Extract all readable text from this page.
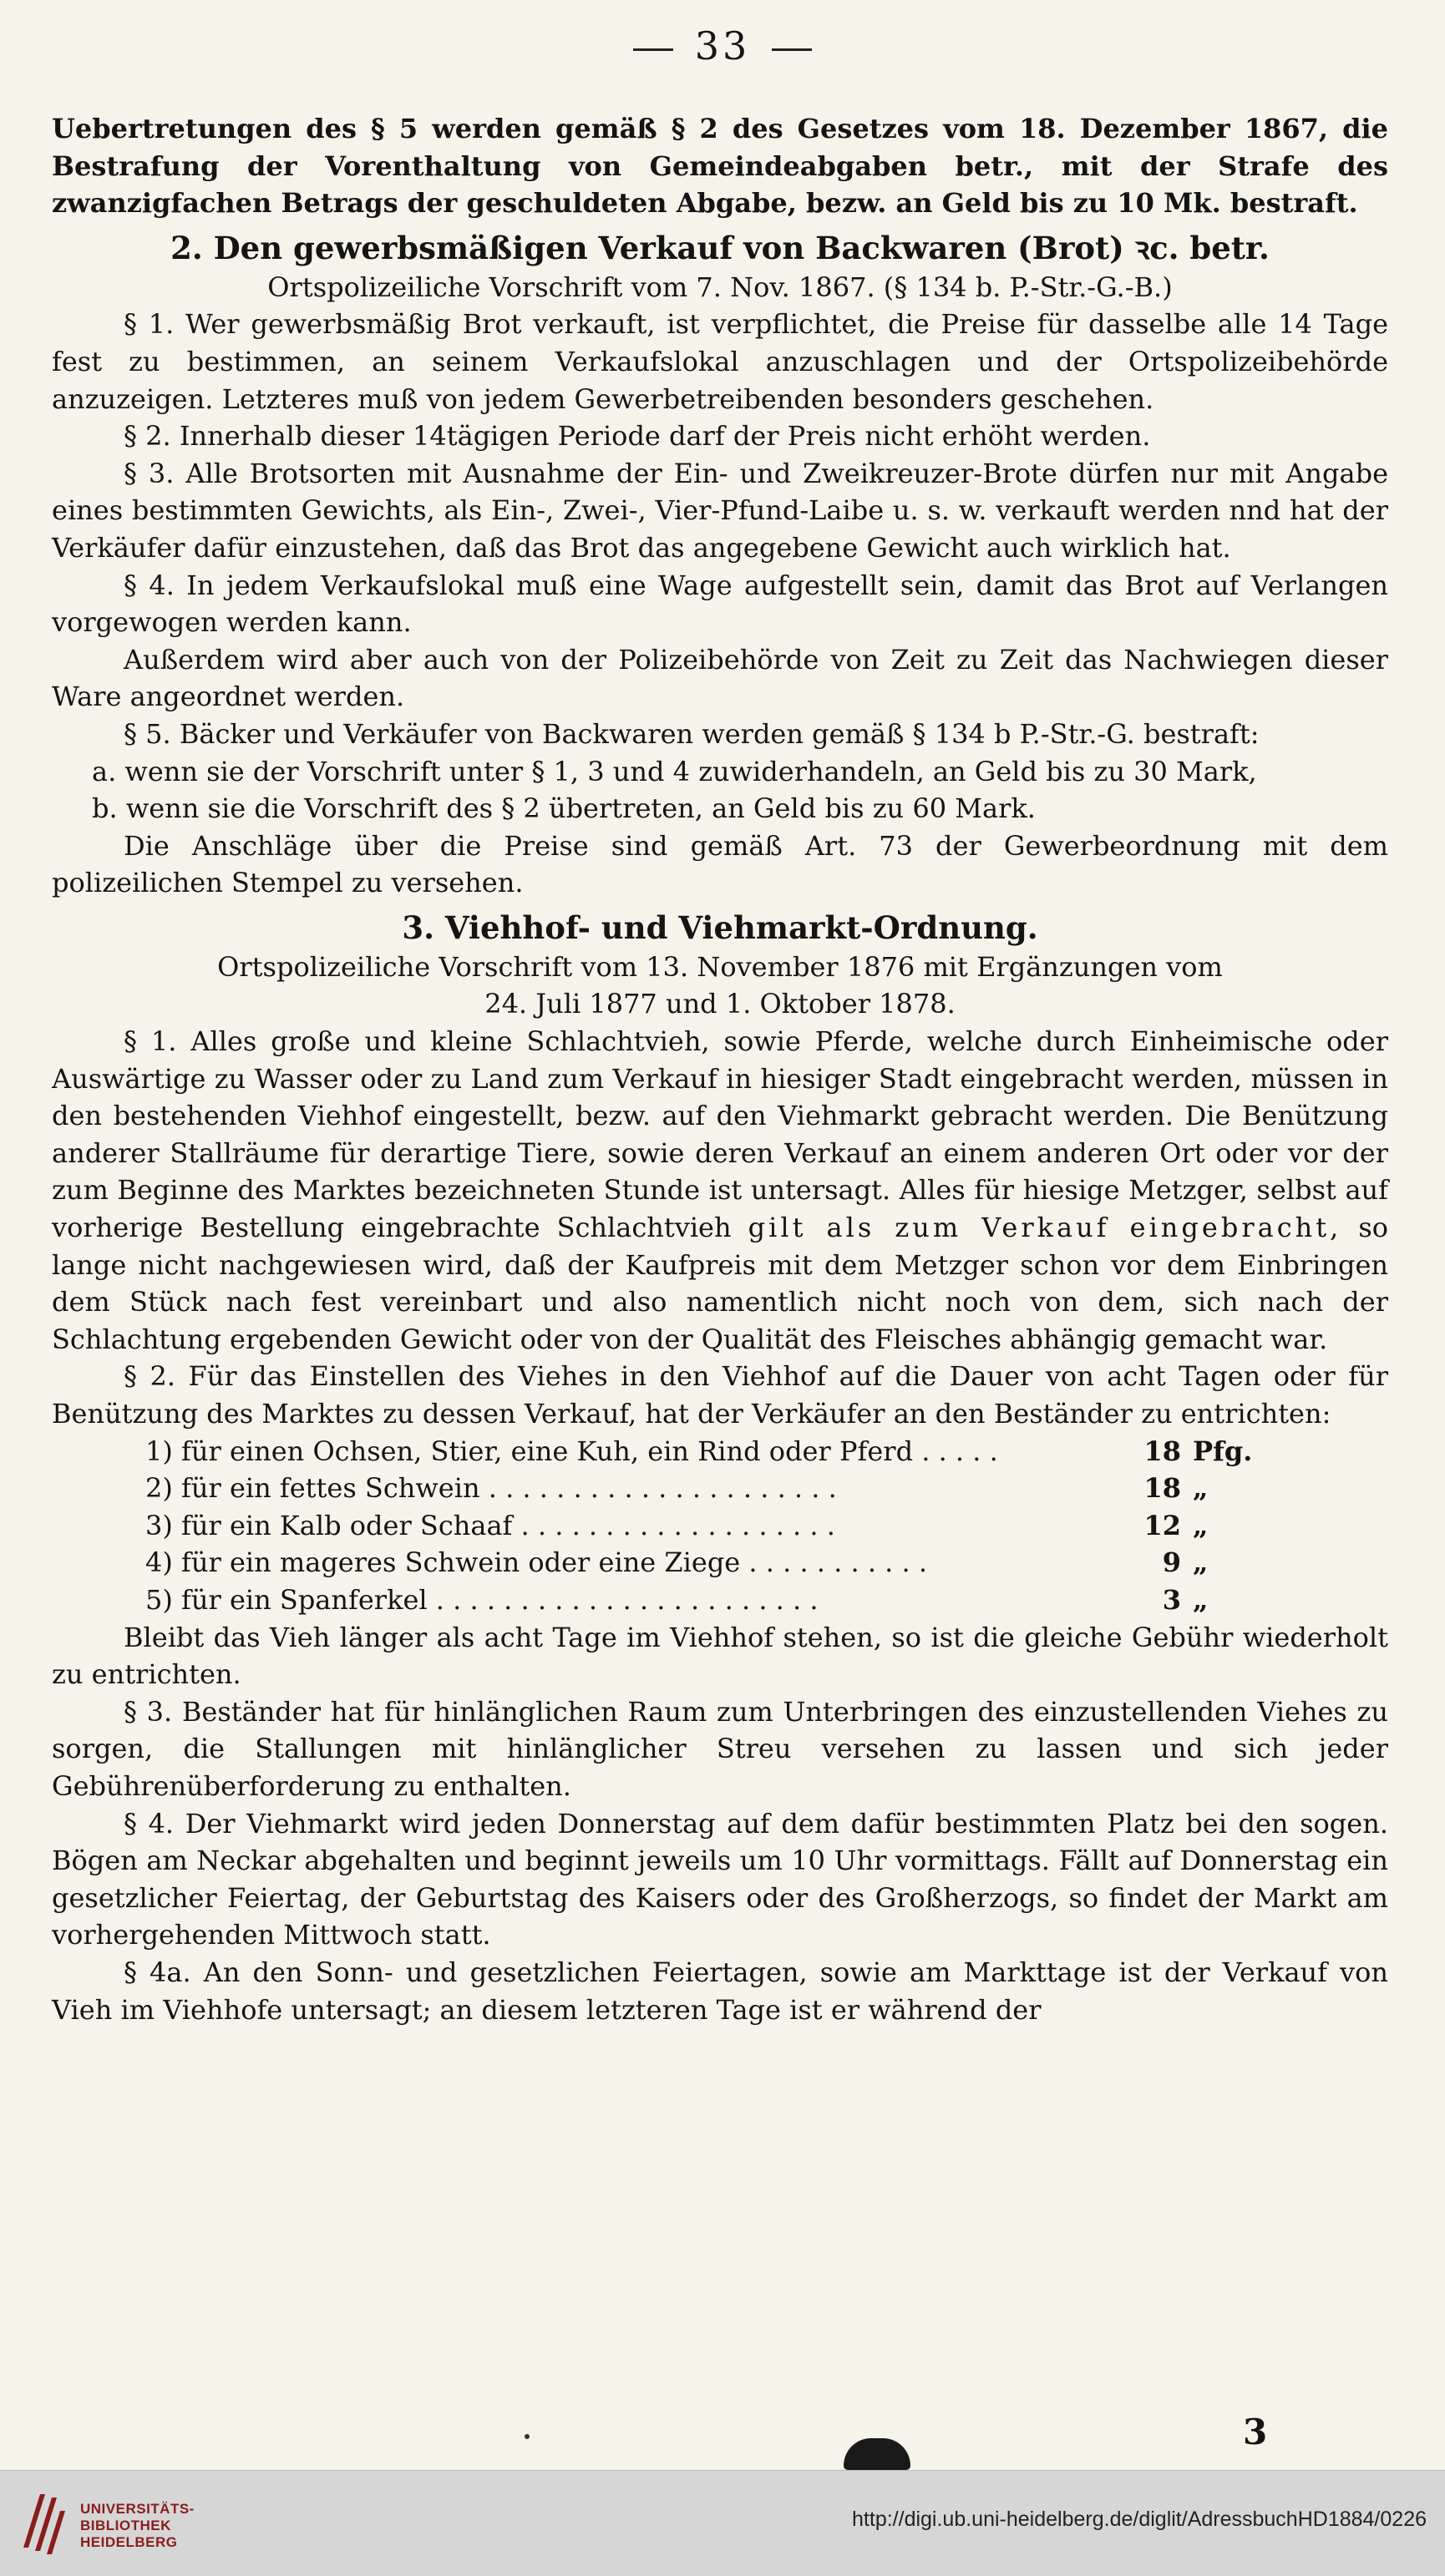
33

Uebertretungen des § 5 werden gemäß § 2 des Gesetzes vom 18. Dezember 1867, die Bestrafung der Vorenthaltung von Gemeindeabgaben betr., mit der Strafe des zwanzigfachen Betrags der geschuldeten Abgabe, bezw. an Geld bis zu 10 Mk. bestraft.

2. Den gewerbsmäßigen Verkauf von Backwaren (Brot) ꝛc. betr.

Ortspolizeiliche Vorschrift vom 7. Nov. 1867. (§ 134 b. P.-Str.-G.-B.)

§ 1. Wer gewerbsmäßig Brot verkauft, ist verpflichtet, die Preise für dasselbe alle 14 Tage fest zu bestimmen, an seinem Verkaufslokal anzuschlagen und der Ortspolizeibehörde anzuzeigen. Letzteres muß von jedem Gewerbetreibenden besonders geschehen.

§ 2. Innerhalb dieser 14tägigen Periode darf der Preis nicht erhöht werden.

§ 3. Alle Brotsorten mit Ausnahme der Ein- und Zweikreuzer-Brote dürfen nur mit Angabe eines bestimmten Gewichts, als Ein-, Zwei-, Vier-Pfund-Laibe u. s. w. verkauft werden nnd hat der Verkäufer dafür einzustehen, daß das Brot das angegebene Gewicht auch wirklich hat.

§ 4. In jedem Verkaufslokal muß eine Wage aufgestellt sein, damit das Brot auf Verlangen vorgewogen werden kann.

Außerdem wird aber auch von der Polizeibehörde von Zeit zu Zeit das Nachwiegen dieser Ware angeordnet werden.

§ 5. Bäcker und Verkäufer von Backwaren werden gemäß § 134 b P.-Str.-G. bestraft:

a. wenn sie der Vorschrift unter § 1, 3 und 4 zuwiderhandeln, an Geld bis zu 30 Mark,

b. wenn sie die Vorschrift des § 2 übertreten, an Geld bis zu 60 Mark.

Die Anschläge über die Preise sind gemäß Art. 73 der Gewerbeordnung mit dem polizeilichen Stempel zu versehen.

3. Viehhof- und Viehmarkt-Ordnung.

Ortspolizeiliche Vorschrift vom 13. November 1876 mit Ergänzungen vom

24. Juli 1877 und 1. Oktober 1878.

§ 1. Alles große und kleine Schlachtvieh, sowie Pferde, welche durch Einheimische oder Auswärtige zu Wasser oder zu Land zum Verkauf in hiesiger Stadt eingebracht werden, müssen in den bestehenden Viehhof eingestellt, bezw. auf den Viehmarkt gebracht werden. Die Benützung anderer Stallräume für derartige Tiere, sowie deren Verkauf an einem anderen Ort oder vor der zum Beginne des Marktes bezeichneten Stunde ist untersagt. Alles für hiesige Metzger, selbst auf vorherige Bestellung eingebrachte Schlachtvieh gilt als zum Verkauf eingebracht, so lange nicht nachgewiesen wird, daß der Kaufpreis mit dem Metzger schon vor dem Einbringen dem Stück nach fest vereinbart und also namentlich nicht noch von dem, sich nach der Schlachtung ergebenden Gewicht oder von der Qualität des Fleisches abhängig gemacht war.

§ 2. Für das Einstellen des Viehes in den Viehhof auf die Dauer von acht Tagen oder für Benützung des Marktes zu dessen Verkauf, hat der Verkäufer an den Beständer zu entrichten:

1) für einen Ochsen, Stier, eine Kuh, ein Rind oder Pferd . . . . .	18 Pfg.
2) für ein fettes Schwein . . . . . . . . . . . . . . . . . . . . .	18 „
3) für ein Kalb oder Schaaf . . . . . . . . . . . . . . . . . . .	12 „
4) für ein mageres Schwein oder eine Ziege . . . . . . . . . . .	9 „
5) für ein Spanferkel . . . . . . . . . . . . . . . . . . . . . . .	3 „

Bleibt das Vieh länger als acht Tage im Viehhof stehen, so ist die gleiche Gebühr wiederholt zu entrichten.

§ 3. Beständer hat für hinlänglichen Raum zum Unterbringen des einzustellenden Viehes zu sorgen, die Stallungen mit hinlänglicher Streu versehen zu lassen und sich jeder Gebührenüberforderung zu enthalten.

§ 4. Der Viehmarkt wird jeden Donnerstag auf dem dafür bestimmten Platz bei den sogen. Bögen am Neckar abgehalten und beginnt jeweils um 10 Uhr vormittags. Fällt auf Donnerstag ein gesetzlicher Feiertag, der Geburtstag des Kaisers oder des Großherzogs, so findet der Markt am vorhergehenden Mittwoch statt.

§ 4a. An den Sonn- und gesetzlichen Feiertagen, sowie am Markttage ist der Verkauf von Vieh im Viehhofe untersagt; an diesem letzteren Tage ist er während der

3
UNIVERSITÄTS-
BIBLIOTHEK
HEIDELBERG
http://digi.ub.uni-heidelberg.de/diglit/AdressbuchHD1884/0226
